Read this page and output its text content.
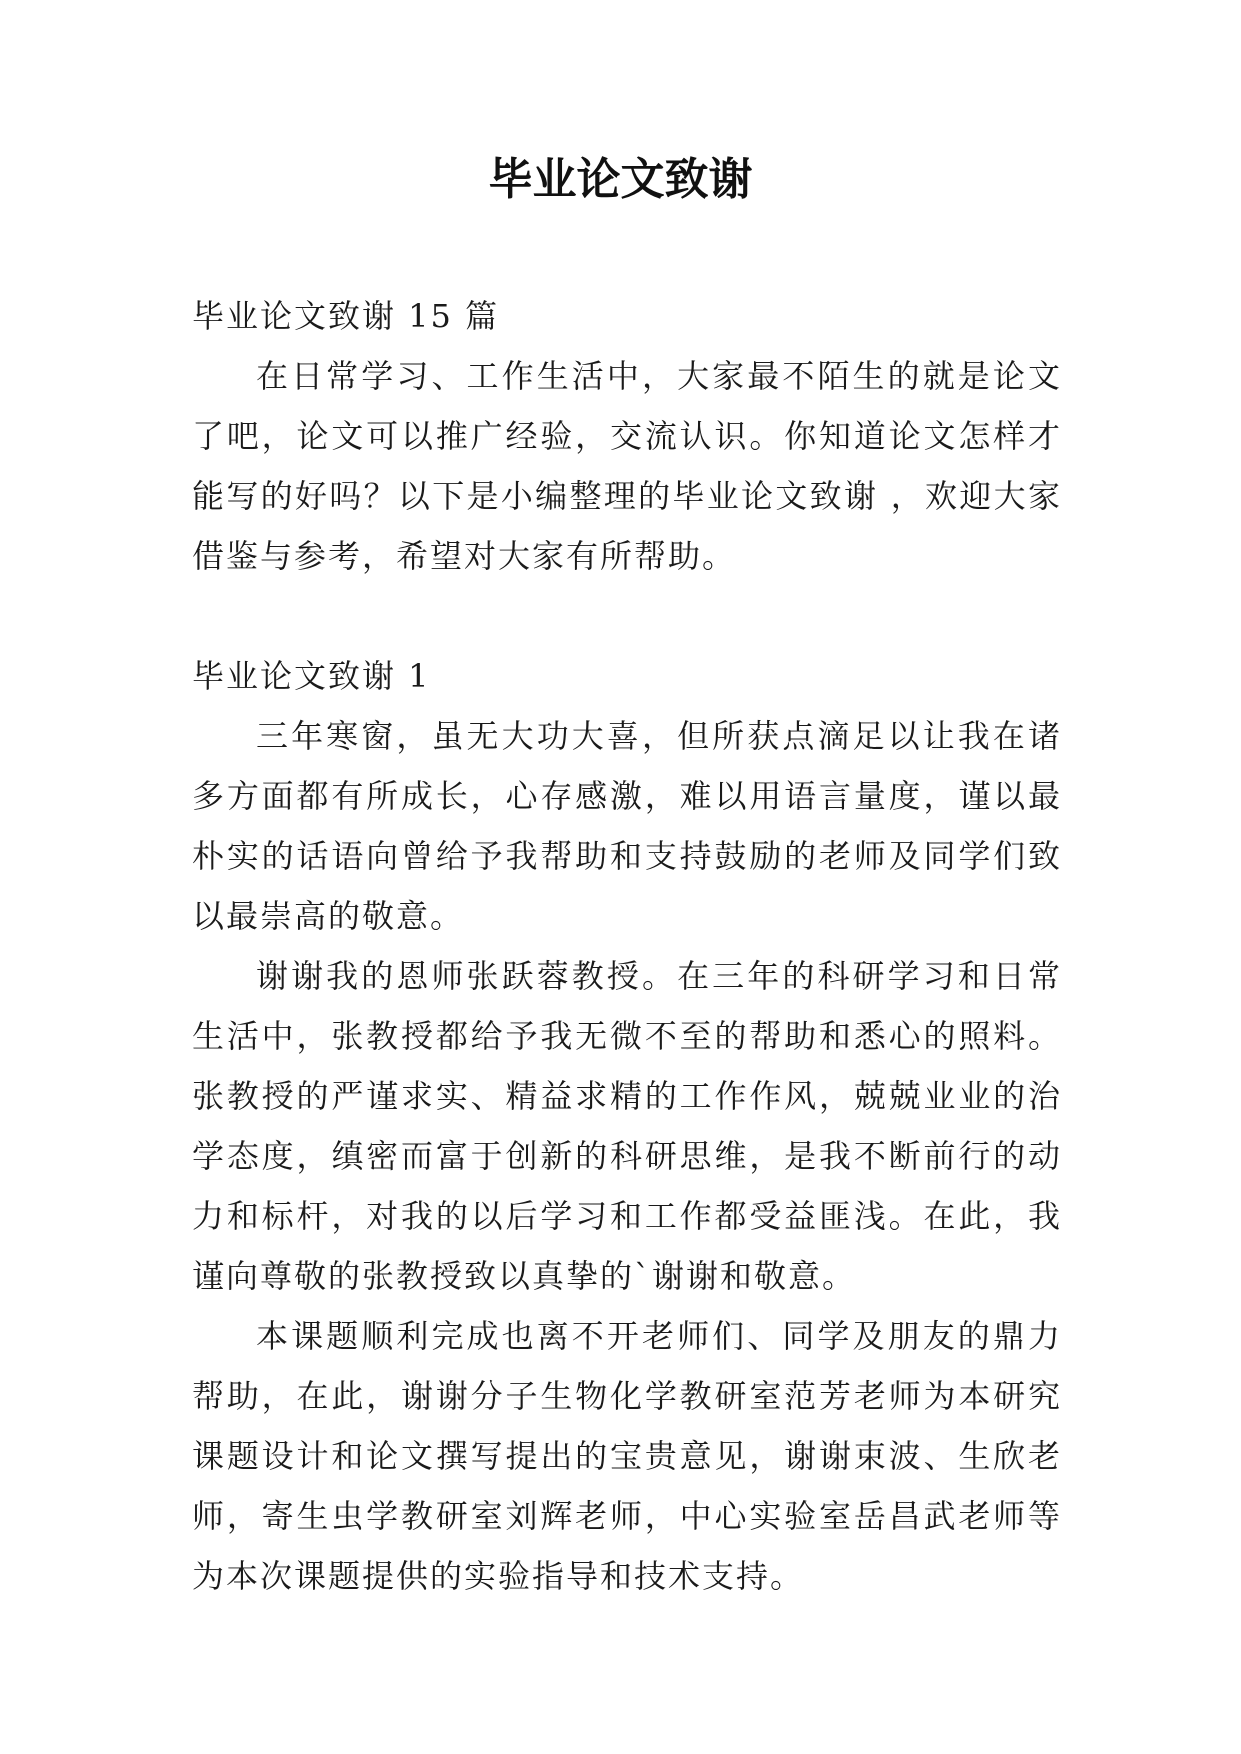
毕业论文致谢

毕业论文致谢 15 篇

在日常学习、工作生活中，大家最不陌生的就是论文了吧，论文可以推广经验，交流认识。你知道论文怎样才能写的好吗？以下是小编整理的毕业论文致谢 ，欢迎大家借鉴与参考，希望对大家有所帮助。

毕业论文致谢 1

三年寒窗，虽无大功大喜，但所获点滴足以让我在诸多方面都有所成长，心存感激，难以用语言量度，谨以最朴实的话语向曾给予我帮助和支持鼓励的老师及同学们致以最崇高的敬意。

谢谢我的恩师张跃蓉教授。在三年的科研学习和日常生活中，张教授都给予我无微不至的帮助和悉心的照料。张教授的严谨求实、精益求精的工作作风，兢兢业业的治学态度，缜密而富于创新的科研思维，是我不断前行的动力和标杆，对我的以后学习和工作都受益匪浅。在此，我谨向尊敬的张教授致以真挚的`谢谢和敬意。

本课题顺利完成也离不开老师们、同学及朋友的鼎力帮助，在此，谢谢分子生物化学教研室范芳老师为本研究课题设计和论文撰写提出的宝贵意见，谢谢束波、生欣老师，寄生虫学教研室刘辉老师，中心实验室岳昌武老师等为本次课题提供的实验指导和技术支持。
